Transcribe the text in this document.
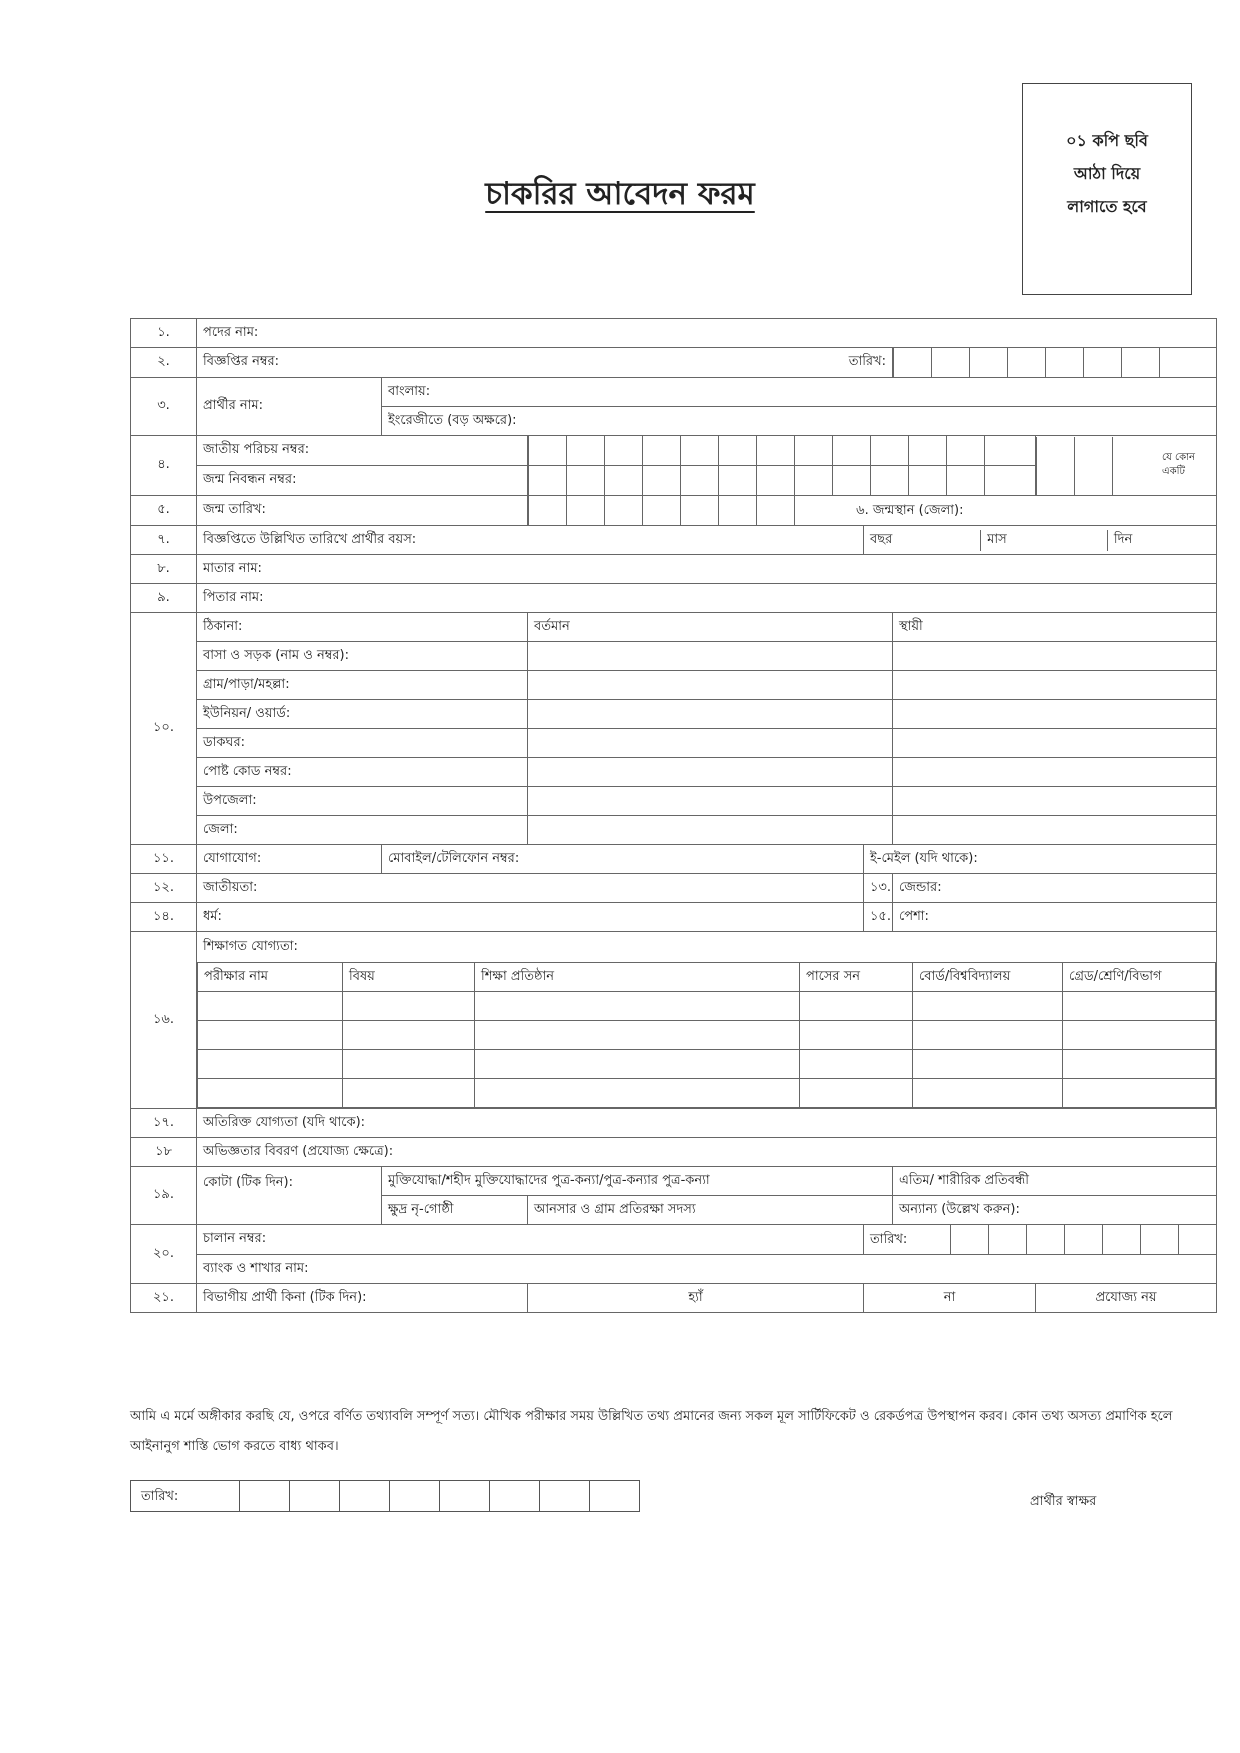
চাকরির আবেদন ফরম
০১ কপি ছবি
আঠা দিয়ে
লাগাতে হবে
১.	পদের নাম:
২.	বিজ্ঞপ্তির নম্বর:	তারিখ:

৩.	প্রার্থীর নাম:	বাংলায়:
ইংরেজীতে (বড় অক্ষরে):
৪.	জাতীয় পরিচয় নম্বর:		যে কোন একটি

জন্ম নিবন্ধন নম্বর:	

৫.	জন্ম তারিখ:	৬. জন্মস্থান (জেলা):
৭.	বিজ্ঞপ্তিতে উল্লিখিত তারিখে প্রার্থীর বয়স:	বছর	মাস	দিন
৮.	মাতার নাম:
৯.	পিতার নাম:
১০.	ঠিকানা:	বর্তমান	স্থায়ী
বাসা ও সড়ক (নাম ও নম্বর):		
গ্রাম/পাড়া/মহল্লা:		
ইউনিয়ন/ ওয়ার্ড:		
ডাকঘর:		
পোষ্ট কোড নম্বর:		
উপজেলা:		
জেলা:		
১১.	যোগাযোগ:	মোবাইল/টেলিফোন নম্বর:	ই-মেইল (যদি থাকে):
১২.	জাতীয়তা:	১৩.	জেন্ডার:
১৪.	ধর্ম:	১৫.	পেশা:
১৬.	
শিক্ষাগত যোগ্যতা:
পরীক্ষার নাম	বিষয়	শিক্ষা প্রতিষ্ঠান	পাসের সন	বোর্ড/বিশ্ববিদ্যালয়	গ্রেড/শ্রেণি/বিভাগ

১৭.	অতিরিক্ত যোগ্যতা (যদি থাকে):
১৮	অভিজ্ঞতার বিবরণ (প্রযোজ্য ক্ষেত্রে):
১৯.	কোটা (টিক দিন):	মুক্তিযোদ্ধা/শহীদ মুক্তিযোদ্ধাদের পুত্র-কন্যা/পুত্র-কন্যার পুত্র-কন্যা	এতিম/ শারীরিক প্রতিবন্ধী
ক্ষুদ্র নৃ-গোষ্ঠী	আনসার ও গ্রাম প্রতিরক্ষা সদস্য	অন্যান্য (উল্লেখ করুন):
২০.	চালান নম্বর:	তারিখ:

ব্যাংক ও শাখার নাম:
২১.	বিভাগীয় প্রার্থী কিনা (টিক দিন):	হ্যাঁ	না	প্রযোজ্য নয়
আমি এ মর্মে অঙ্গীকার করছি যে, ওপরে বর্ণিত তথ্যাবলি সম্পূর্ণ সত্য। মৌখিক পরীক্ষার সময় উল্লিখিত তথ্য প্রমানের জন্য সকল মূল সার্টিফিকেট ও রেকর্ডপত্র উপস্থাপন করব। কোন তথ্য অসত্য প্রমাণিক হলে আইনানুগ শাস্তি ভোগ করতে বাধ্য থাকব।
তারিখ:	প্রার্থীর স্বাক্ষর
